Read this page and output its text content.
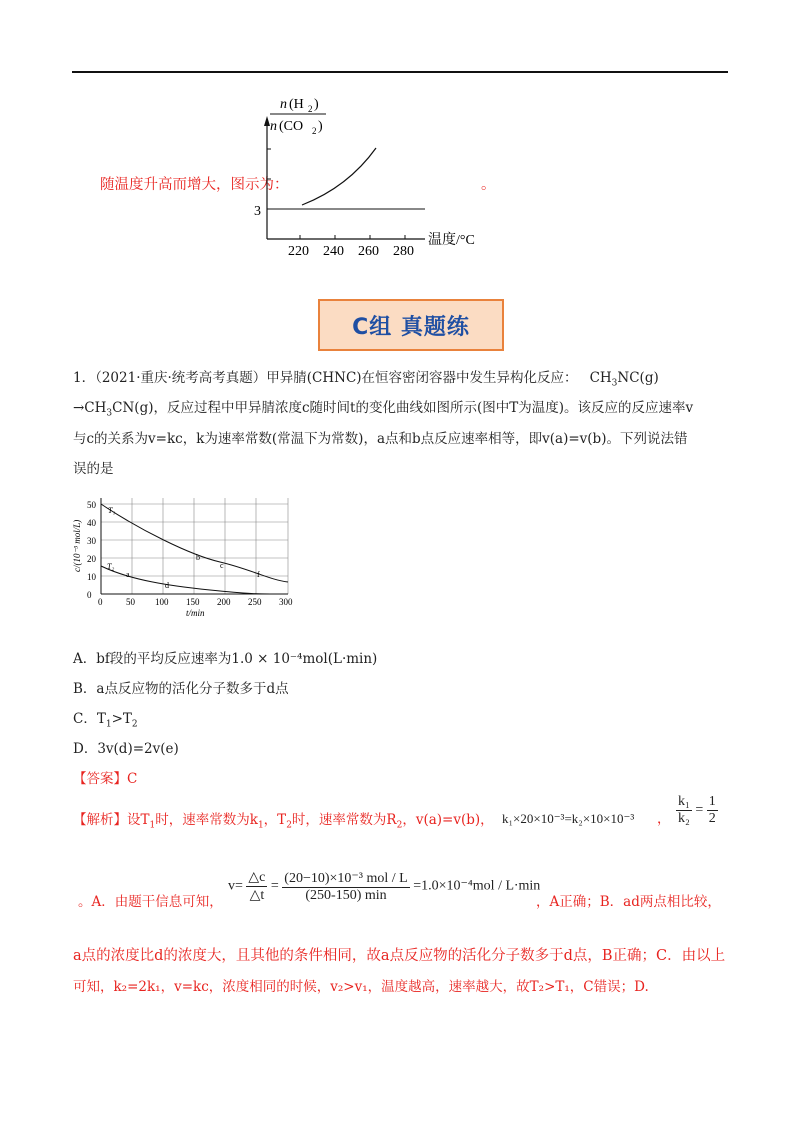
随温度升高而增大，图示为：	。
n (H 2 )
n (CO 2 )
3
220 240 260 280
温度/°C
C组 真题练
1．（2021·重庆·统考高考真题）甲异腈(CHNC)在恒容密闭容器中发生异构化反应： $CH_3NC(g)$
$\to CH_3CN(g)$，反应过程中甲异腈浓度c随时间t的变化曲线如图所示(图中T为温度)。该反应的反应速率v
与c的关系为v=kc，k为速率常数(常温下为常数)，a点和b点反应速率相等，即v(a)=v(b)。下列说法错
误的是
c/(10⁻³ mol/L)
0
10
20
30
40
50
0	50 100 150 200 250 300
t/min
T₁
T₂
a
b
c
d
f
A．bf段的平均反应速率为1.0 × 10⁻⁴mol(L·min)
B．a点反应物的活化分子数多于d点
C．$T_1>T_2$
D．3v(d)=2v(e)
【答案】C
【解析】设$T_1$时，速率常数为$k_1$，$T_2$时，速率常数为$R_2$，v(a)=v(b)， k₁×20×10⁻³=k₂×10×10⁻³ ， $\frac{\text{k₁}}{\text{k₂}} = \frac{1}{2}$
。A．由题干信息可知，
$v= \frac{\triangle c}{\triangle t} = \frac{\text{(20−10)×10⁻³ mol / L}}{(250-150) \min} =1.0\times 10^{-4}mol / L\cdot\min$
，A正确；B．ad两点相比较，
a点的浓度比d的浓度大，且其他的条件相同，故a点反应物的活化分子数多于d点，B正确；C．由以上
可知，k₂=2k₁，v=kc，浓度相同的时候，v₂>v₁，温度越高，速率越大，故T₂>T₁，C错误；D.
